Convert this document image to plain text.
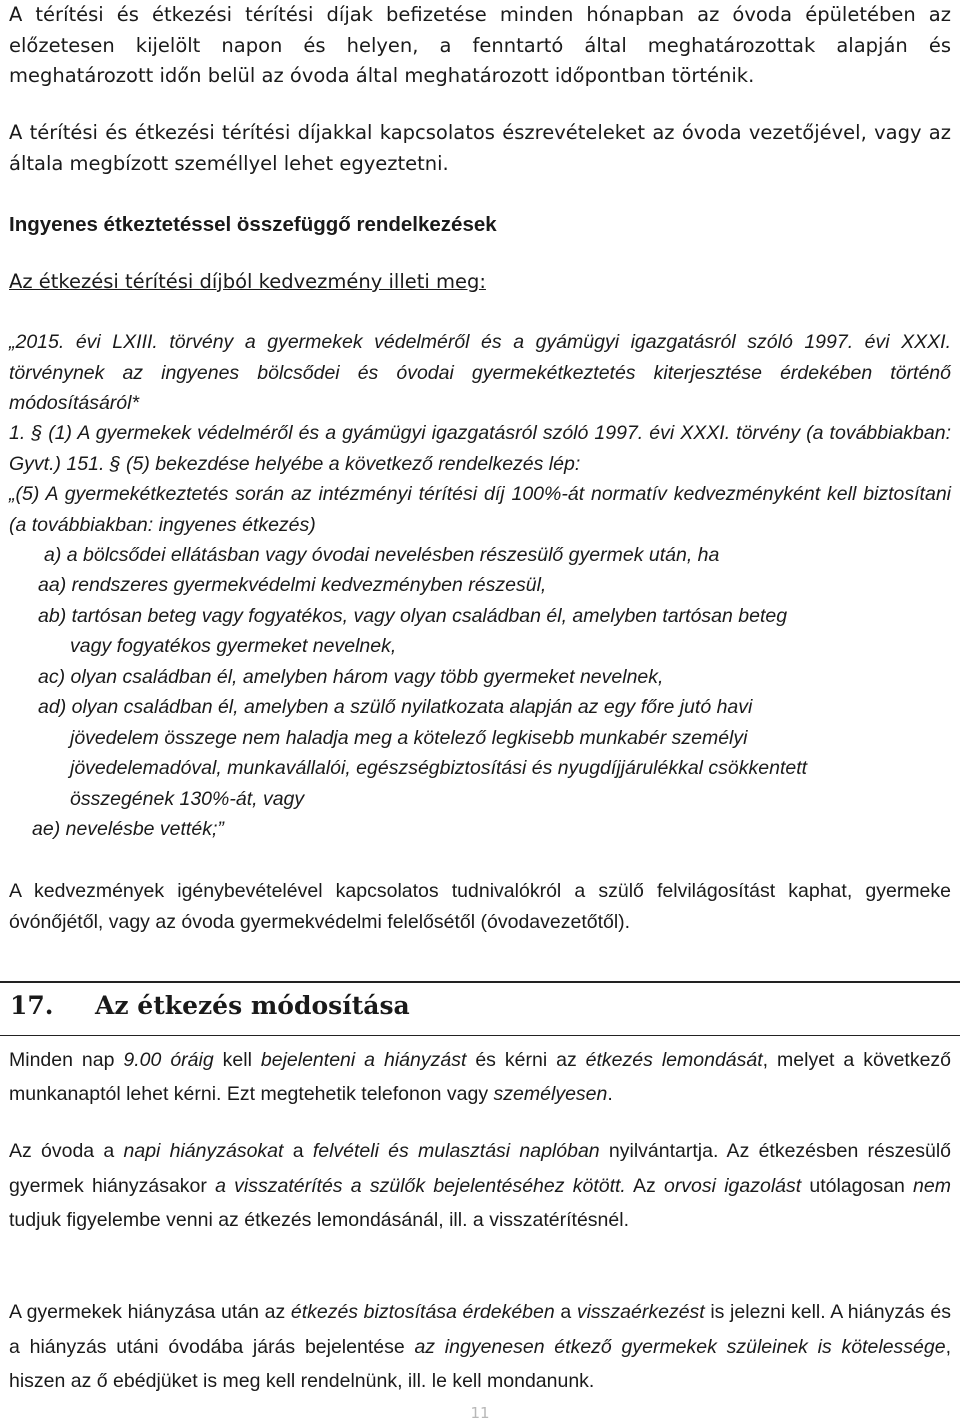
A térítési és étkezési térítési díjak befizetése minden hónapban az óvoda épületében az előzetesen kijelölt napon és helyen, a fenntartó által meghatározottak alapján és meghatározott időn belül az óvoda által meghatározott időpontban történik.

A térítési és étkezési térítési díjakkal kapcsolatos észrevételeket az óvoda vezetőjével, vagy az általa megbízott személlyel lehet egyeztetni.

Ingyenes étkeztetéssel összefüggő rendelkezések

Az étkezési térítési díjból kedvezmény illeti meg:

„2015. évi LXIII. törvény a gyermekek védelméről és a gyámügyi igazgatásról szóló 1997. évi XXXI. törvénynek az ingyenes bölcsődei és óvodai gyermekétkeztetés kiterjesztése érdekében történő módosításáról*

1. § (1) A gyermekek védelméről és a gyámügyi igazgatásról szóló 1997. évi XXXI. törvény (a továbbiakban: Gyvt.) 151. § (5) bekezdése helyébe a következő rendelkezés lép:

„(5) A gyermekétkeztetés során az intézményi térítési díj 100%-át normatív kedvezményként kell biztosítani (a továbbiakban: ingyenes étkezés)

a) a bölcsődei ellátásban vagy óvodai nevelésben részesülő gyermek után, ha

aa) rendszeres gyermekvédelmi kedvezményben részesül,

ab) tartósan beteg vagy fogyatékos, vagy olyan családban él, amelyben tartósan beteg

vagy fogyatékos gyermeket nevelnek,

ac) olyan családban él, amelyben három vagy több gyermeket nevelnek,

ad) olyan családban él, amelyben a szülő nyilatkozata alapján az egy főre jutó havi

jövedelem összege nem haladja meg a kötelező legkisebb munkabér személyi

jövedelemadóval, munkavállalói, egészségbiztosítási és nyugdíjjárulékkal csökkentett

összegének 130%-át, vagy

ae) nevelésbe vették;”

A kedvezmények igénybevételével kapcsolatos tudnivalókról a szülő felvilágosítást kaphat, gyermeke óvónőjétől, vagy az óvoda gyermekvédelmi felelősétől (óvodavezetőtől).

17. Az étkezés módosítása

Minden nap 9.00 óráig kell bejelenteni a hiányzást és kérni az étkezés lemondását, melyet a következő munkanaptól lehet kérni. Ezt megtehetik telefonon vagy személyesen.

Az óvoda a napi hiányzásokat a felvételi és mulasztási naplóban nyilvántartja. Az étkezésben részesülő gyermek hiányzásakor a visszatérítés a szülők bejelentéséhez kötött. Az orvosi igazolást utólagosan nem tudjuk figyelembe venni az étkezés lemondásánál, ill. a visszatérítésnél.

A gyermekek hiányzása után az étkezés biztosítása érdekében a visszaérkezést is jelezni kell. A hiányzás és a hiányzás utáni óvodába járás bejelentése az ingyenesen étkező gyermekek szüleinek is kötelessége, hiszen az ő ebédjüket is meg kell rendelnünk, ill. le kell mondanunk.

11
